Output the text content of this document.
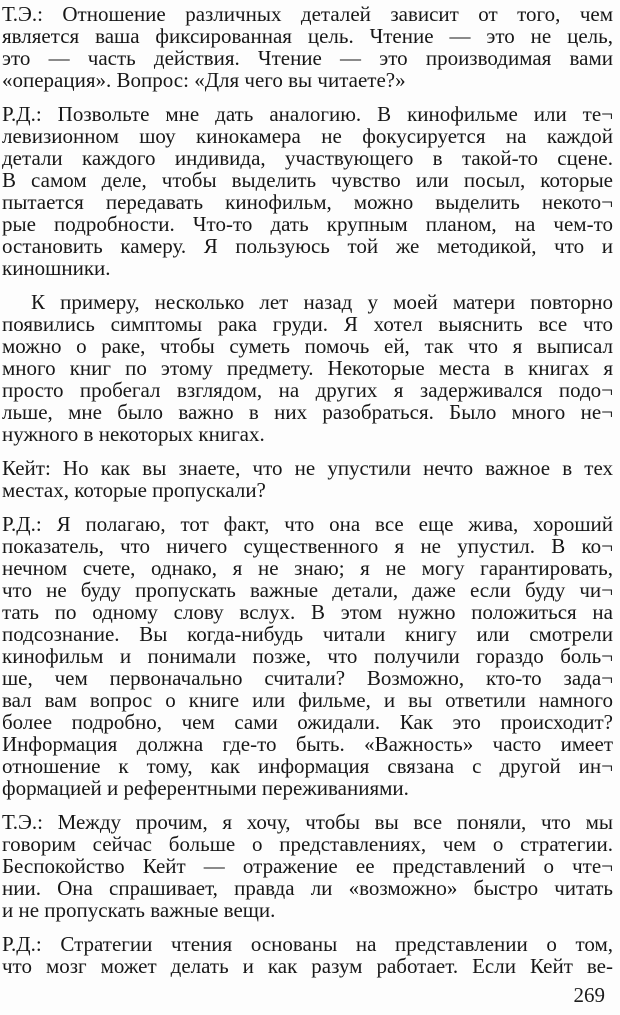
Т.Э.: Отношение различных деталей зависит от того, чем
является ваша фиксированная цель. Чтение — это не цель,
это — часть действия. Чтение — это производимая вами
«операция». Вопрос: «Для чего вы читаете?»
Р.Д.: Позвольте мне дать аналогию. В кинофильме или те¬
левизионном шоу кинокамера не фокусируется на каждой
детали каждого индивида, участвующего в такой-то сцене.
В самом деле, чтобы выделить чувство или посыл, которые
пытается передавать кинофильм, можно выделить некото¬
рые подробности. Что-то дать крупным планом, на чем-то
остановить камеру. Я пользуюсь той же методикой, что и
киношники.
К примеру, несколько лет назад у моей матери повторно
появились симптомы рака груди. Я хотел выяснить все что
можно о раке, чтобы суметь помочь ей, так что я выписал
много книг по этому предмету. Некоторые места в книгах я
просто пробегал взглядом, на других я задерживался подо¬
льше, мне было важно в них разобраться. Было много не¬
нужного в некоторых книгах.
Кейт: Но как вы знаете, что не упустили нечто важное в тех
местах, которые пропускали?
Р.Д.: Я полагаю, тот факт, что она все еще жива, хороший
показатель, что ничего существенного я не упустил. В ко¬
нечном счете, однако, я не знаю; я не могу гарантировать,
что не буду пропускать важные детали, даже если буду чи¬
тать по одному слову вслух. В этом нужно положиться на
подсознание. Вы когда-нибудь читали книгу или смотрели
кинофильм и понимали позже, что получили гораздо боль¬
ше, чем первоначально считали? Возможно, кто-то зада¬
вал вам вопрос о книге или фильме, и вы ответили намного
более подробно, чем сами ожидали. Как это происходит?
Информация должна где-то быть. «Важность» часто имеет
отношение к тому, как информация связана с другой ин¬
формацией и референтными переживаниями.
Т.Э.: Между прочим, я хочу, чтобы вы все поняли, что мы
говорим сейчас больше о представлениях, чем о стратегии.
Беспокойство Кейт — отражение ее представлений о чте¬
нии. Она спрашивает, правда ли «возможно» быстро читать
и не пропускать важные вещи.
Р.Д.: Стратегии чтения основаны на представлении о том,
что мозг может делать и как разум работает. Если Кейт ве-
269
